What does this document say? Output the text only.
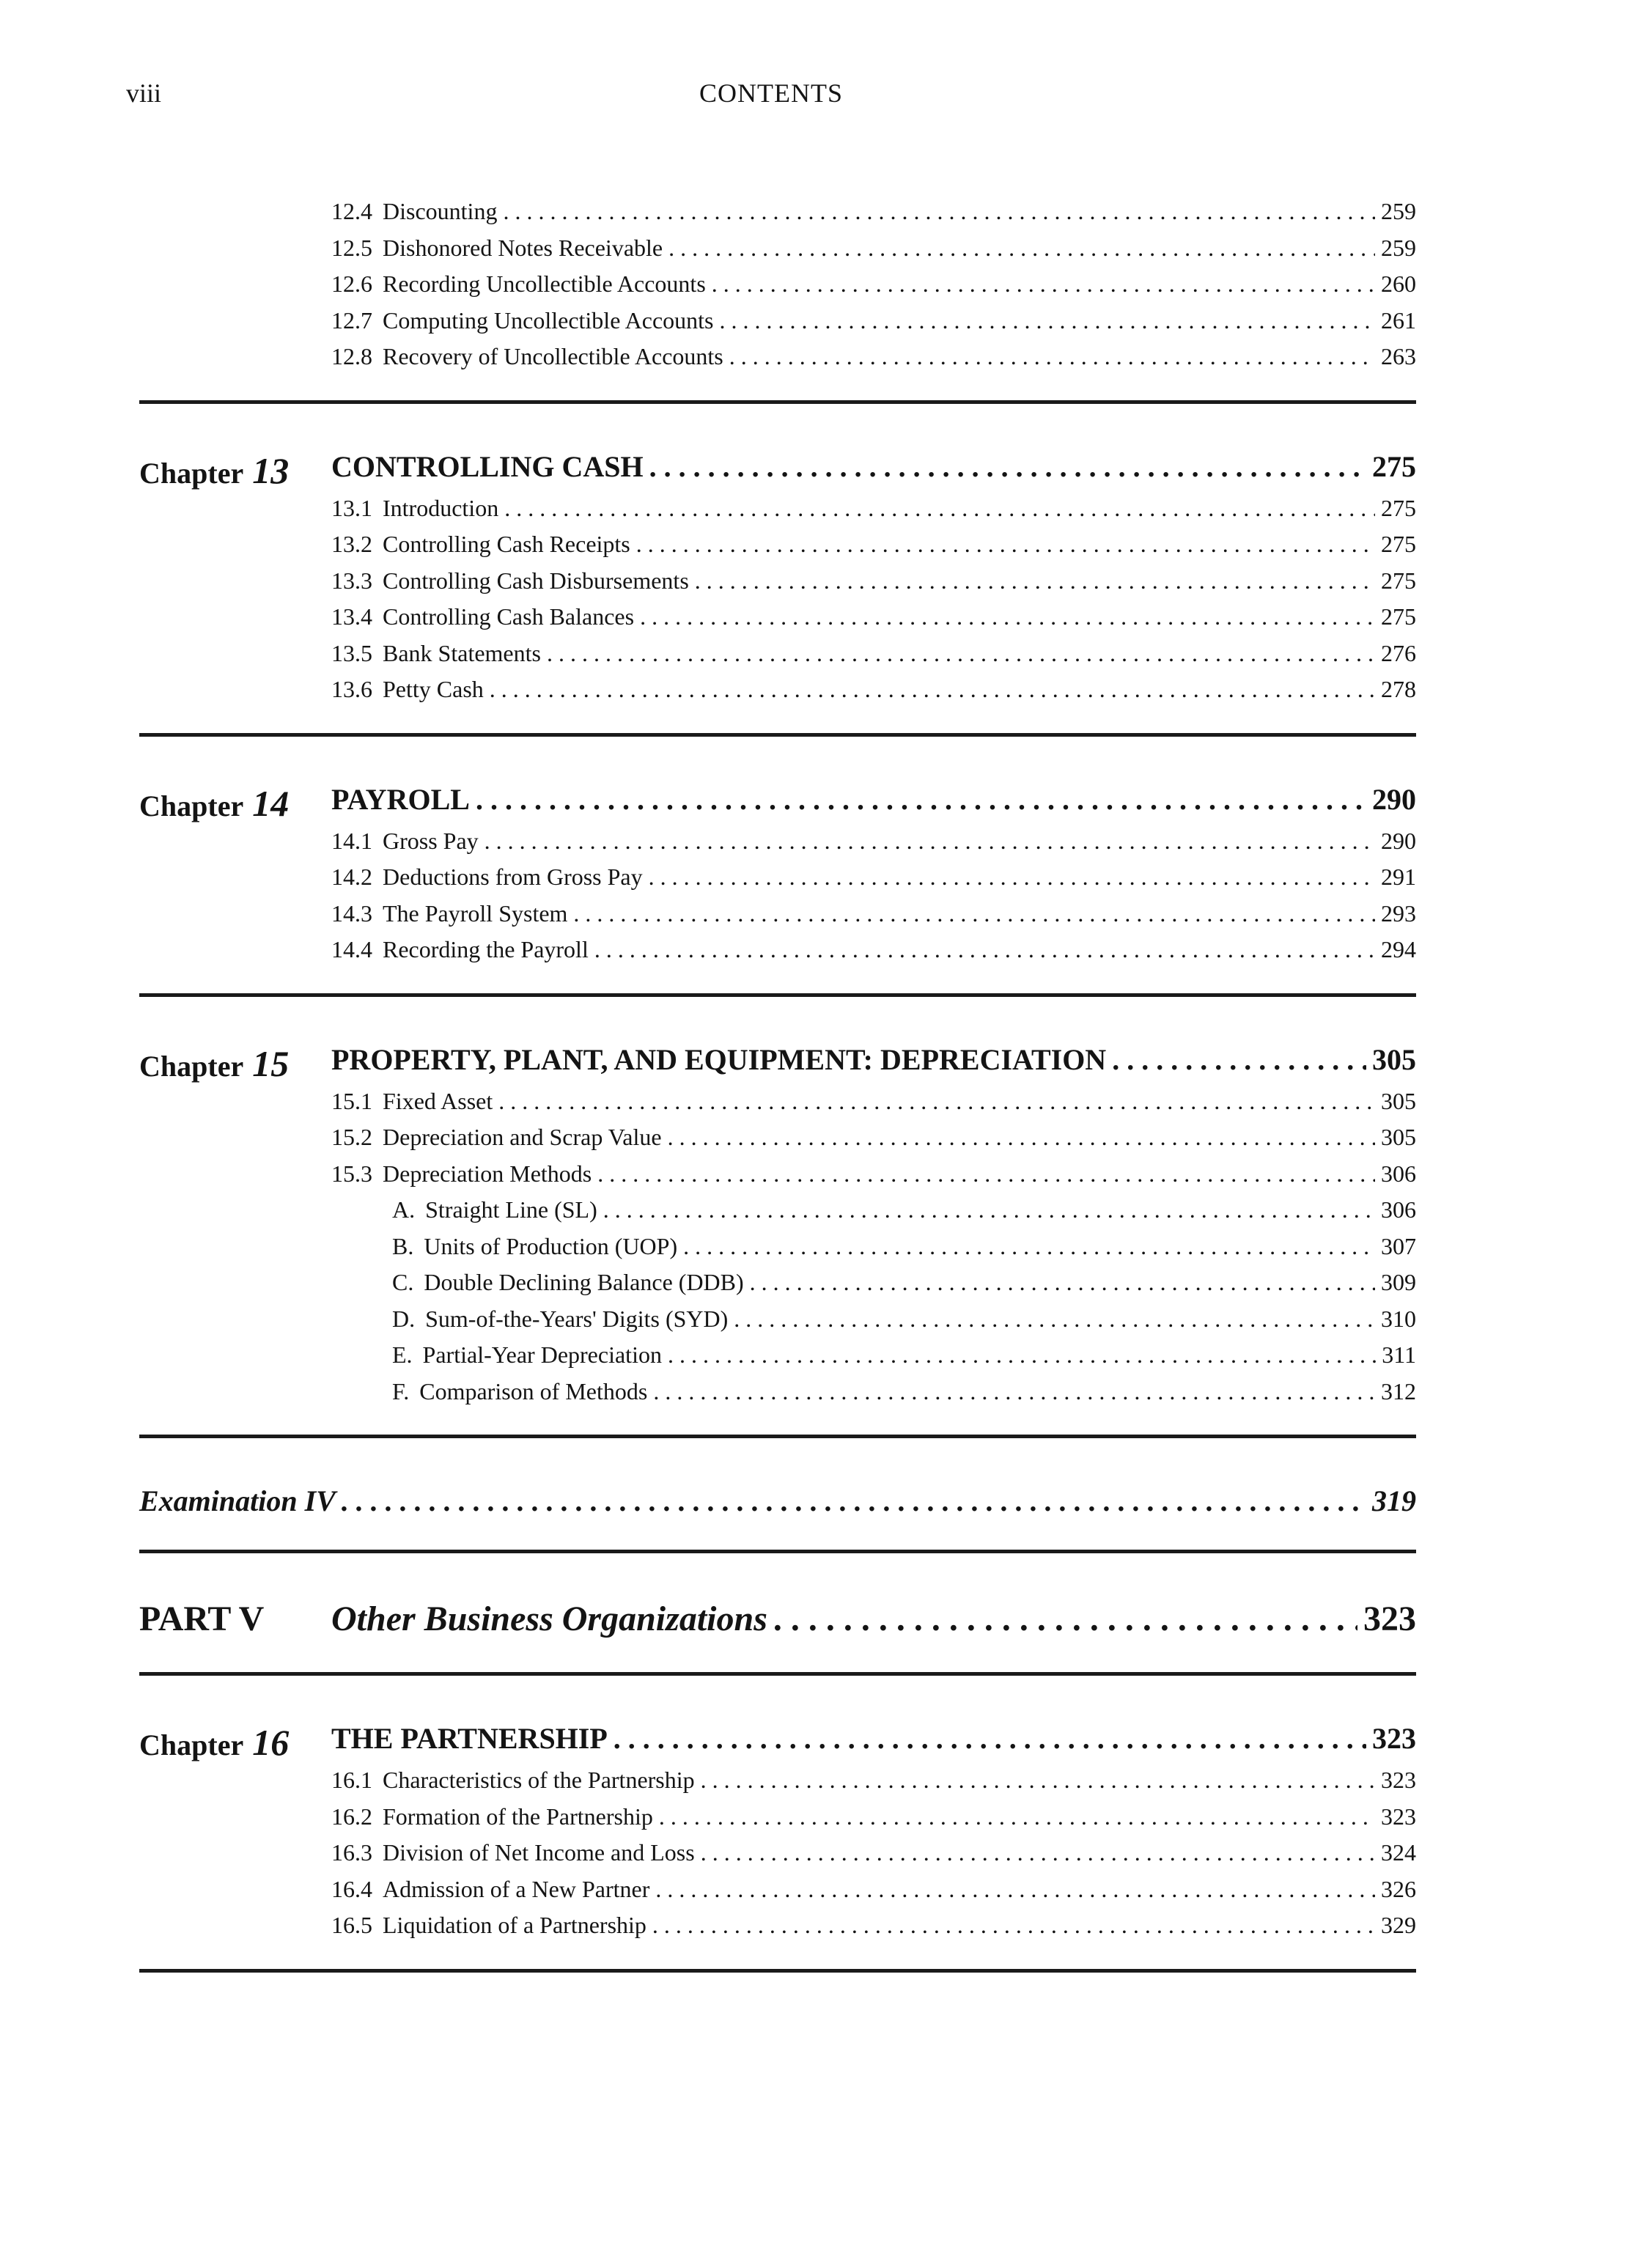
viii	CONTENTS
12.4 Discounting . . .	259
12.5 Dishonored Notes Receivable . . .	259
12.6 Recording Uncollectible Accounts . . .	260
12.7 Computing Uncollectible Accounts . . .	261
12.8 Recovery of Uncollectible Accounts . . .	263
Chapter 13 CONTROLLING CASH . . .	275
13.1 Introduction . . .	275
13.2 Controlling Cash Receipts . . .	275
13.3 Controlling Cash Disbursements . . .	275
13.4 Controlling Cash Balances . . .	275
13.5 Bank Statements . . .	276
13.6 Petty Cash . . .	278
Chapter 14 PAYROLL . . .	290
14.1 Gross Pay . . .	290
14.2 Deductions from Gross Pay . . .	291
14.3 The Payroll System . . .	293
14.4 Recording the Payroll . . .	294
Chapter 15 PROPERTY, PLANT, AND EQUIPMENT: DEPRECIATION . . .	305
15.1 Fixed Asset . . .	305
15.2 Depreciation and Scrap Value . . .	305
15.3 Depreciation Methods . . .	306
A. Straight Line (SL) . . .	306
B. Units of Production (UOP) . . .	307
C. Double Declining Balance (DDB) . . .	309
D. Sum-of-the-Years' Digits (SYD) . . .	310
E. Partial-Year Depreciation . . .	311
F. Comparison of Methods . . .	312
Examination IV . . .	319
PART V Other Business Organizations . . .	323
Chapter 16 THE PARTNERSHIP . . .	323
16.1 Characteristics of the Partnership . . .	323
16.2 Formation of the Partnership . . .	323
16.3 Division of Net Income and Loss . . .	324
16.4 Admission of a New Partner . . .	326
16.5 Liquidation of a Partnership . . .	329
